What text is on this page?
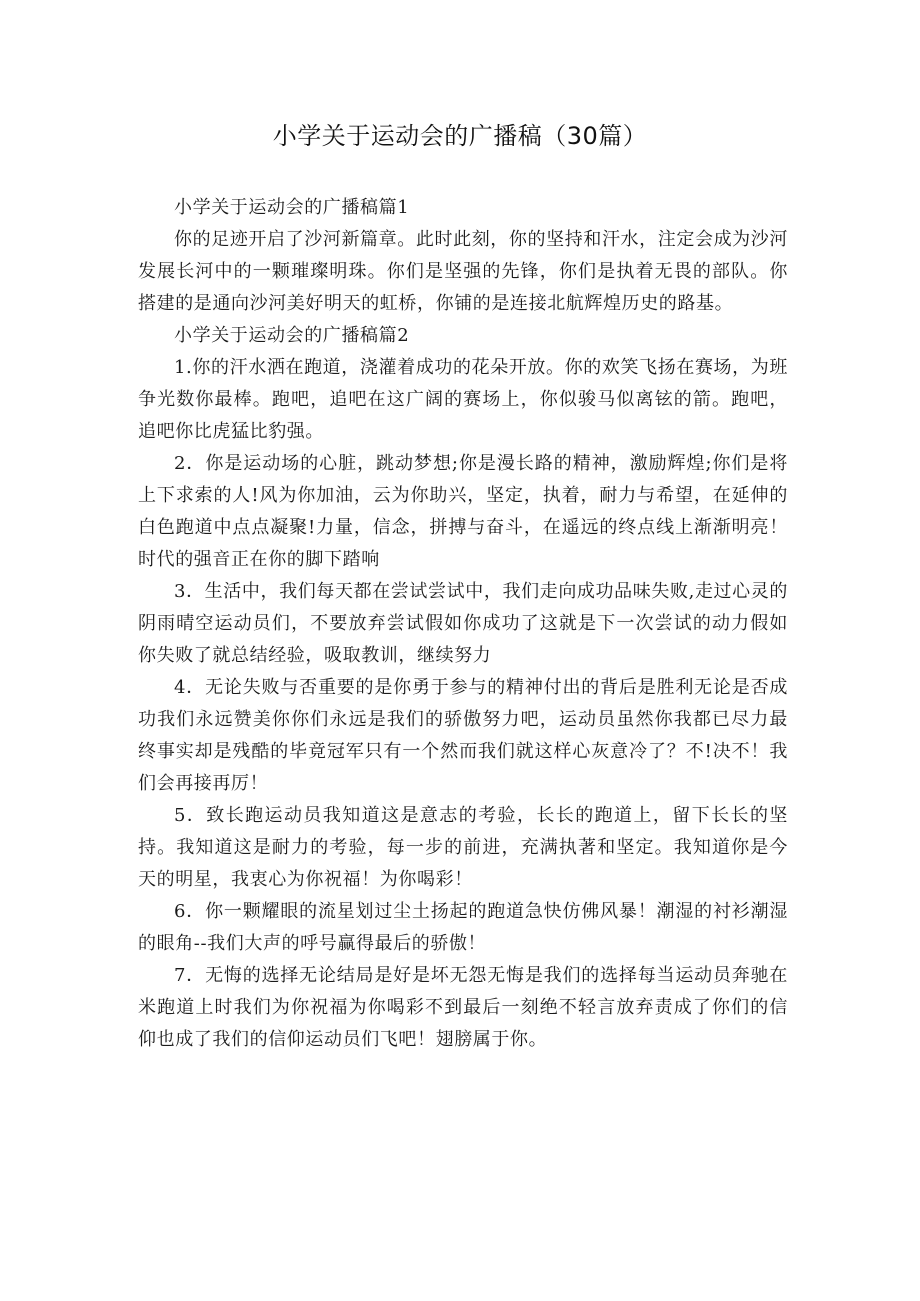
小学关于运动会的广播稿（30篇）

小学关于运动会的广播稿篇1

你的足迹开启了沙河新篇章。此时此刻，你的坚持和汗水，注定会成为沙河发展长河中的一颗璀璨明珠。你们是坚强的先锋，你们是执着无畏的部队。你搭建的是通向沙河美好明天的虹桥，你铺的是连接北航辉煌历史的路基。

小学关于运动会的广播稿篇2

1.你的汗水洒在跑道，浇灌着成功的花朵开放。你的欢笑飞扬在赛场，为班争光数你最棒。跑吧，追吧在这广阔的赛场上，你似骏马似离铉的箭。跑吧，追吧你比虎猛比豹强。

2．你是运动场的心脏，跳动梦想;你是漫长路的精神，激励辉煌;你们是将上下求索的人!风为你加油，云为你助兴，坚定，执着，耐力与希望，在延伸的白色跑道中点点凝聚!力量，信念，拼搏与奋斗，在遥远的终点线上渐渐明亮！时代的强音正在你的脚下踏响

3．生活中，我们每天都在尝试尝试中，我们走向成功品味失败,走过心灵的阴雨晴空运动员们，不要放弃尝试假如你成功了这就是下一次尝试的动力假如你失败了就总结经验，吸取教训，继续努力

4．无论失败与否重要的是你勇于参与的精神付出的背后是胜利无论是否成功我们永远赞美你你们永远是我们的骄傲努力吧，运动员虽然你我都已尽力最终事实却是残酷的毕竟冠军只有一个然而我们就这样心灰意冷了？不!决不！我们会再接再厉！

5．致长跑运动员我知道这是意志的考验，长长的跑道上，留下长长的坚持。我知道这是耐力的考验，每一步的前进，充满执著和坚定。我知道你是今天的明星，我衷心为你祝福！为你喝彩！

6．你一颗耀眼的流星划过尘土扬起的跑道急快仿佛风暴！潮湿的衬衫潮湿的眼角--我们大声的呼号赢得最后的骄傲！

7．无悔的选择无论结局是好是坏无怨无悔是我们的选择每当运动员奔驰在米跑道上时我们为你祝福为你喝彩不到最后一刻绝不轻言放弃责成了你们的信仰也成了我们的信仰运动员们飞吧！翅膀属于你。
